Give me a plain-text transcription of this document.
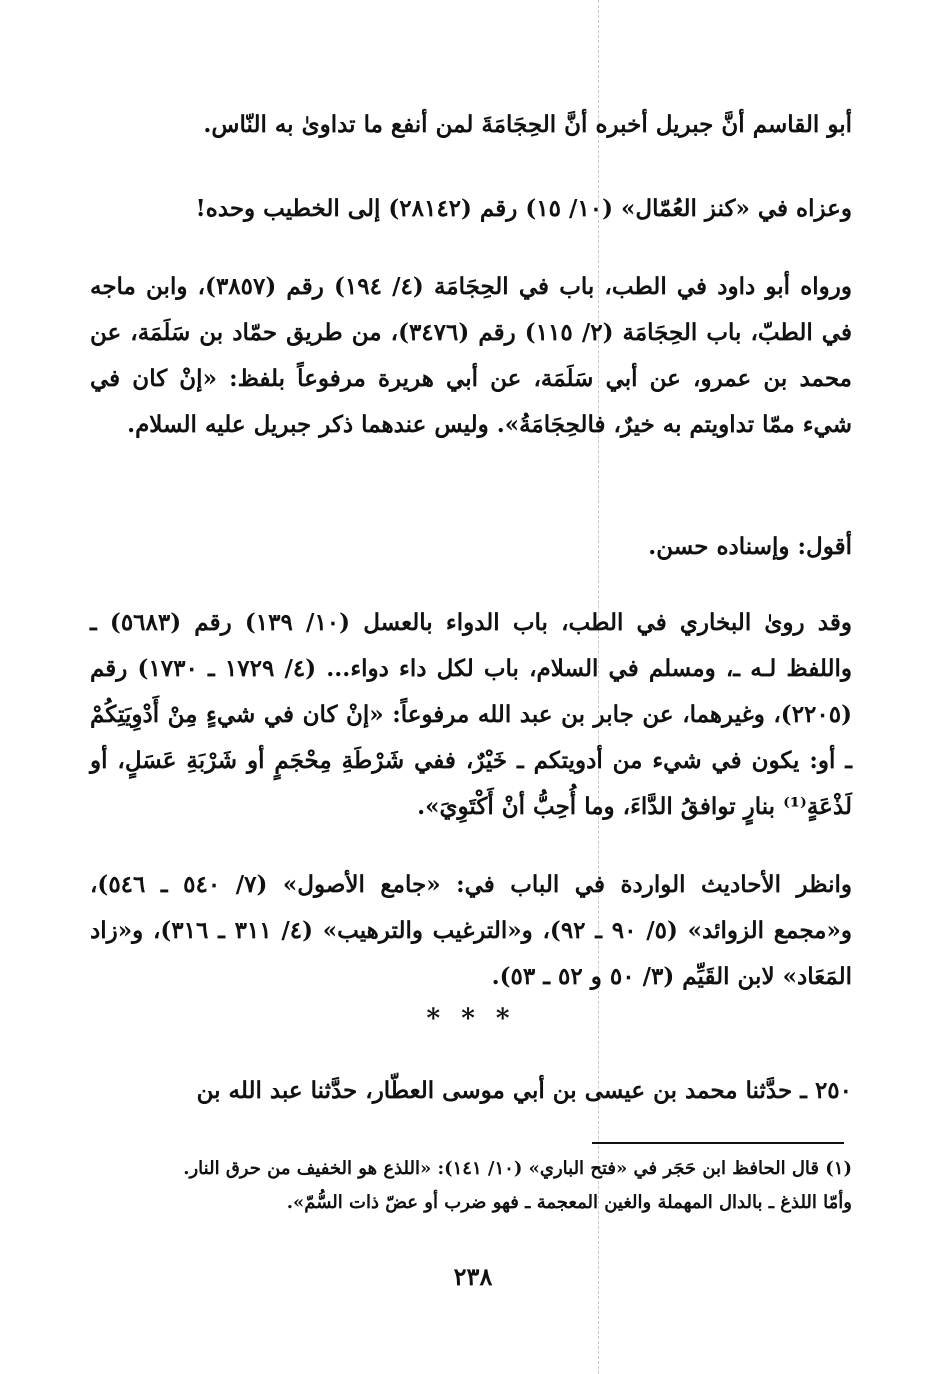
أبو القاسم أنَّ جبريل أخبره أنَّ الحِجَامَةَ لمن أنفع ما تداوىٰ به النّاس.

وعزاه في «كنز العُمّال» (١٠/ ١٥) رقم (٢٨١٤٢) إلى الخطيب وحده!

ورواه أبو داود في الطب، باب في الحِجَامَة (٤/ ١٩٤) رقم (٣٨٥٧)، وابن ماجه في الطبّ، باب الحِجَامَة (٢/ ١١٥) رقم (٣٤٧٦)، من طريق حمّاد بن سَلَمَة، عن محمد بن عمرو، عن أبي سَلَمَة، عن أبي هريرة مرفوعاً بلفظ: «إنْ كان في شيء ممّا تداويتم به خيرٌ، فالحِجَامَةُ». وليس عندهما ذكر جبريل عليه السلام.

أقول: وإسناده حسن.

وقد روىٰ البخاري في الطب، باب الدواء بالعسل (١٠/ ١٣٩) رقم (٥٦٨٣) ـ واللفظ لـه ـ، ومسلم في السلام، باب لكل داء دواء... (٤/ ١٧٢٩ ـ ١٧٣٠) رقم (٢٢٠٥)، وغيرهما، عن جابر بن عبد الله مرفوعاً: «إنْ كان في شيءٍ مِنْ أَدْوِيَتِكُمْ ـ أو: يكون في شيء من أدويتكم ـ خَيْرٌ، ففي شَرْطَةِ مِحْجَمٍ أو شَرْبَةِ عَسَلٍ، أو لَذْعَةٍ⁽¹⁾ بنارٍ توافقُ الدَّاءَ، وما أُحِبُّ أنْ أَكْتَوِيَ».

وانظر الأحاديث الواردة في الباب في: «جامع الأصول» (٧/ ٥٤٠ ـ ٥٤٦)، و«مجمع الزوائد» (٥/ ٩٠ ـ ٩٢)، و«الترغيب والترهيب» (٤/ ٣١١ ـ ٣١٦)، و«زاد المَعَاد» لابن القَيِّم (٣/ ٥٠ و ٥٢ ـ ٥٣).

* * *

٢٥٠ ـ حدَّثنا محمد بن عيسى بن أبي موسى العطّار، حدَّثنا عبد الله بن

(١) قال الحافظ ابن حَجَر في «فتح الباري» (١٠/ ١٤١): «اللذع هو الخفيف من حرق النار.
وأمّا اللذغ ـ بالدال المهملة والغين المعجمة ـ فهو ضرب أو عضّ ذات السُّمّ».
٢٣٨
